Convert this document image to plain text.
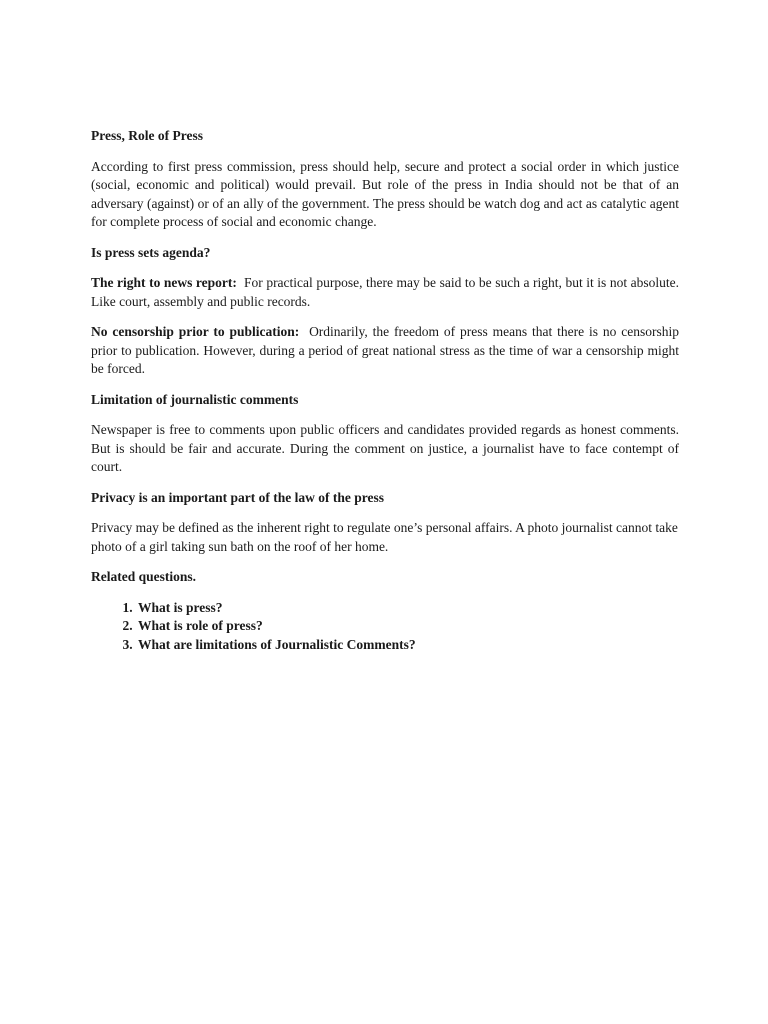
Press, Role of Press

According to first press commission, press should help, secure and protect a social order in which justice (social, economic and political) would prevail. But role of the press in India should not be that of an adversary (against) or of an ally of the government. The press should be watch dog and act as catalytic agent for complete process of social and economic change.

Is press sets agenda?

The right to news report: For practical purpose, there may be said to be such a right, but it is not absolute. Like court, assembly and public records.

No censorship prior to publication: Ordinarily, the freedom of press means that there is no censorship prior to publication. However, during a period of great national stress as the time of war a censorship might be forced.

Limitation of journalistic comments

Newspaper is free to comments upon public officers and candidates provided regards as honest comments. But is should be fair and accurate. During the comment on justice, a journalist have to face contempt of court.

Privacy is an important part of the law of the press

Privacy may be defined as the inherent right to regulate one’s personal affairs. A photo journalist cannot take photo of a girl taking sun bath on the roof of her home.

Related questions.

1. What is press?
2. What is role of press?
3. What are limitations of Journalistic Comments?
